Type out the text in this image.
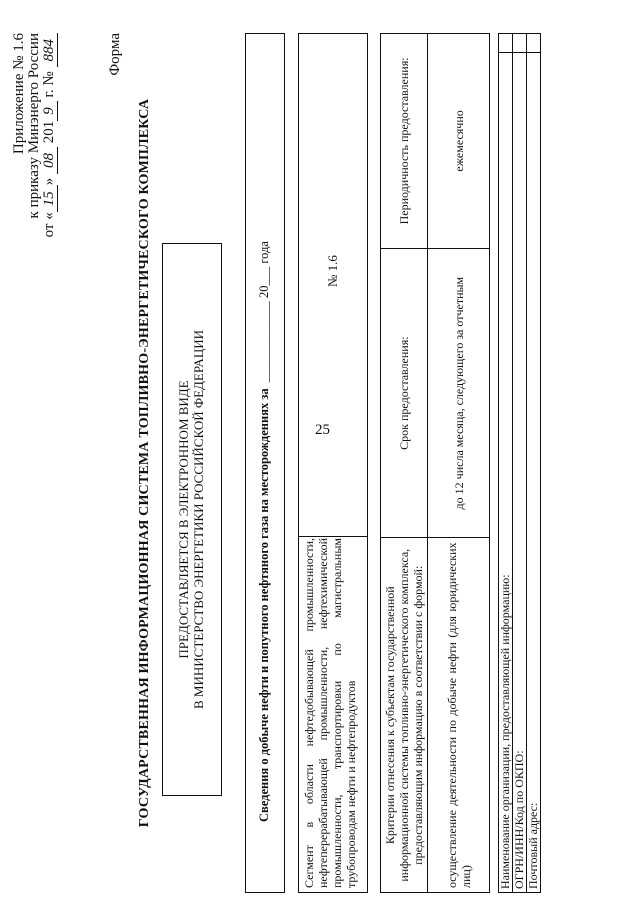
25
Приложение № 1.6 к приказу Минэнерго России
от «15» 08 2019 г. № 884	Форма
ГОСУДАРСТВЕННАЯ ИНФОРМАЦИОННАЯ СИСТЕМА ТОПЛИВНО-ЭНЕРГЕТИЧЕСКОГО КОМПЛЕКСА ПРЕДОСТАВЛЯЕТСЯ В ЭЛЕКТРОННОМ ВИДЕ В МИНИСТЕРСТВО ЭНЕРГЕТИКИ РОССИЙСКОЙ ФЕДЕРАЦИИ	Сведения о добыче нефти и попутного нефтяного газа на месторождениях за_____________ 20___ года
Сегмент в области нефтедобывающей промышленности, нефтеперерабатывающей промышленности, нефтехимической промышленности, транспортировки по магистральным трубопроводам нефти и нефтепродуктов
№ 1.6
Критерии отнесения к субъектам государственной информационной системы топливно-энергетического комплекса, предоставляющим информацию в соответствии с формой:	Срок предоставления:	Периодичность предоставления:
осуществление деятельности по добыче нефти (для юридических лиц)	до 12 числа месяца, следующего за отчетным	ежемесячно
Наименование организации, предоставляющей информацию:	
ОГРН/ИНН/Код по ОКПО:	
Почтовый адрес:	
